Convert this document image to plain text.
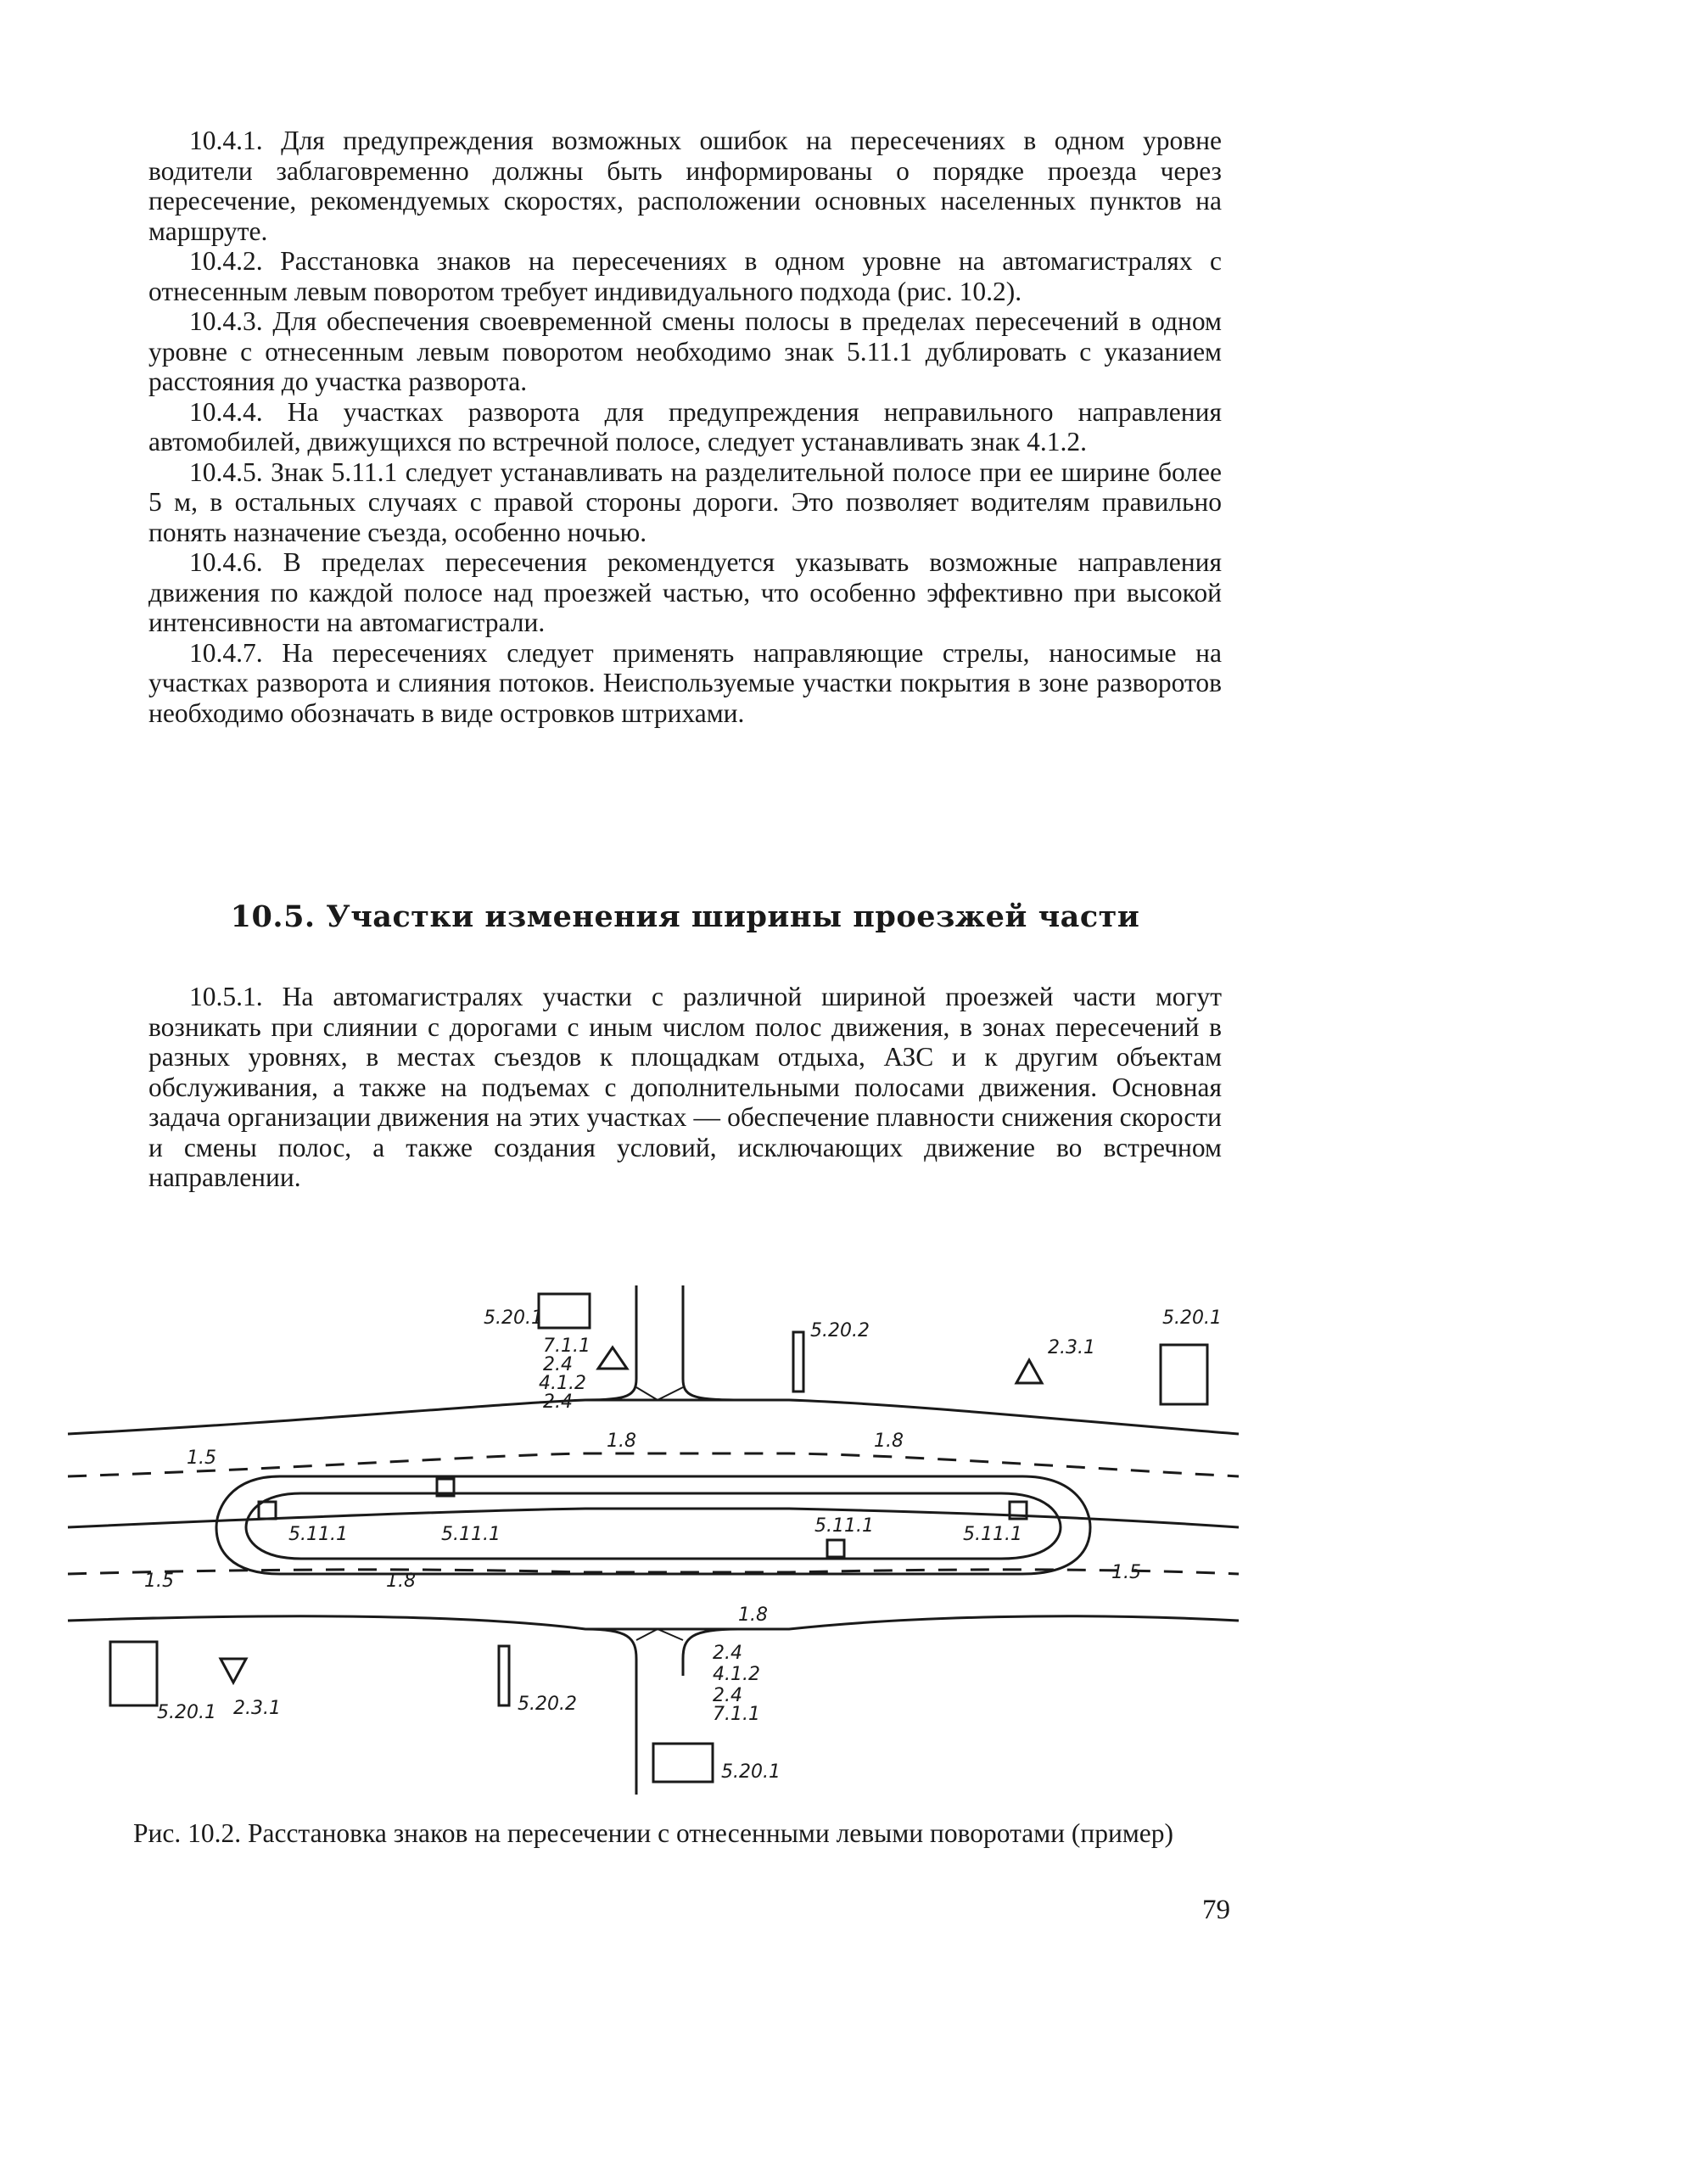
10.4.1. Для предупреждения возможных ошибок на пересечениях в одном уровне водители заблаговременно должны быть информированы о порядке проезда через пересечение, рекомендуемых скоростях, расположении основных населенных пунктов на маршруте.

10.4.2. Расстановка знаков на пересечениях в одном уровне на автомагистралях с отнесенным левым поворотом требует индивидуального подхода (рис. 10.2).

10.4.3. Для обеспечения своевременной смены полосы в пределах пересечений в одном уровне с отнесенным левым поворотом необходимо знак 5.11.1 дублировать с указанием расстояния до участка разворота.

10.4.4. На участках разворота для предупреждения неправильного направления автомобилей, движущихся по встречной полосе, следует устанавливать знак 4.1.2.

10.4.5. Знак 5.11.1 следует устанавливать на разделительной полосе при ее ширине более 5 м, в остальных случаях с правой стороны дороги. Это позволяет водителям правильно понять назначение съезда, особенно ночью.

10.4.6. В пределах пересечения рекомендуется указывать возможные направления движения по каждой полосе над проезжей частью, что особенно эффективно при высокой интенсивности на автомагистрали.

10.4.7. На пересечениях следует применять направляющие стрелы, наносимые на участках разворота и слияния потоков. Неиспользуемые участки покрытия в зоне разворотов необходимо обозначать в виде островков штрихами.

10.5. Участки изменения ширины проезжей части

10.5.1. На автомагистралях участки с различной шириной проезжей части могут возникать при слиянии с дорогами с иным числом полос движения, в зонах пересечений в разных уровнях, в местах съездов к площадкам отдыха, АЗС и к другим объектам обслуживания, а также на подъемах с дополнительными полосами движения. Основная задача организации движения на этих участках — обеспечение плавности снижения скорости и смены полос, а также создания условий, исключающих движение во встречном направлении.

5.20.1
7.1.1
2.4
4.1.2
2.4
5.20.2
2.3.1
5.20.1
1.5
1.8	1.8
5.11.1	5.11.1	5.11.1	5.11.1
1.5	1.8
1.8
1.5
5.20.1 2.3.1	5.20.2
2.4
4.1.2
2.4
7.1.1
5.20.1
Рис. 10.2. Расстановка знаков на пересечении с отнесенными левыми поворотами (пример)
79
